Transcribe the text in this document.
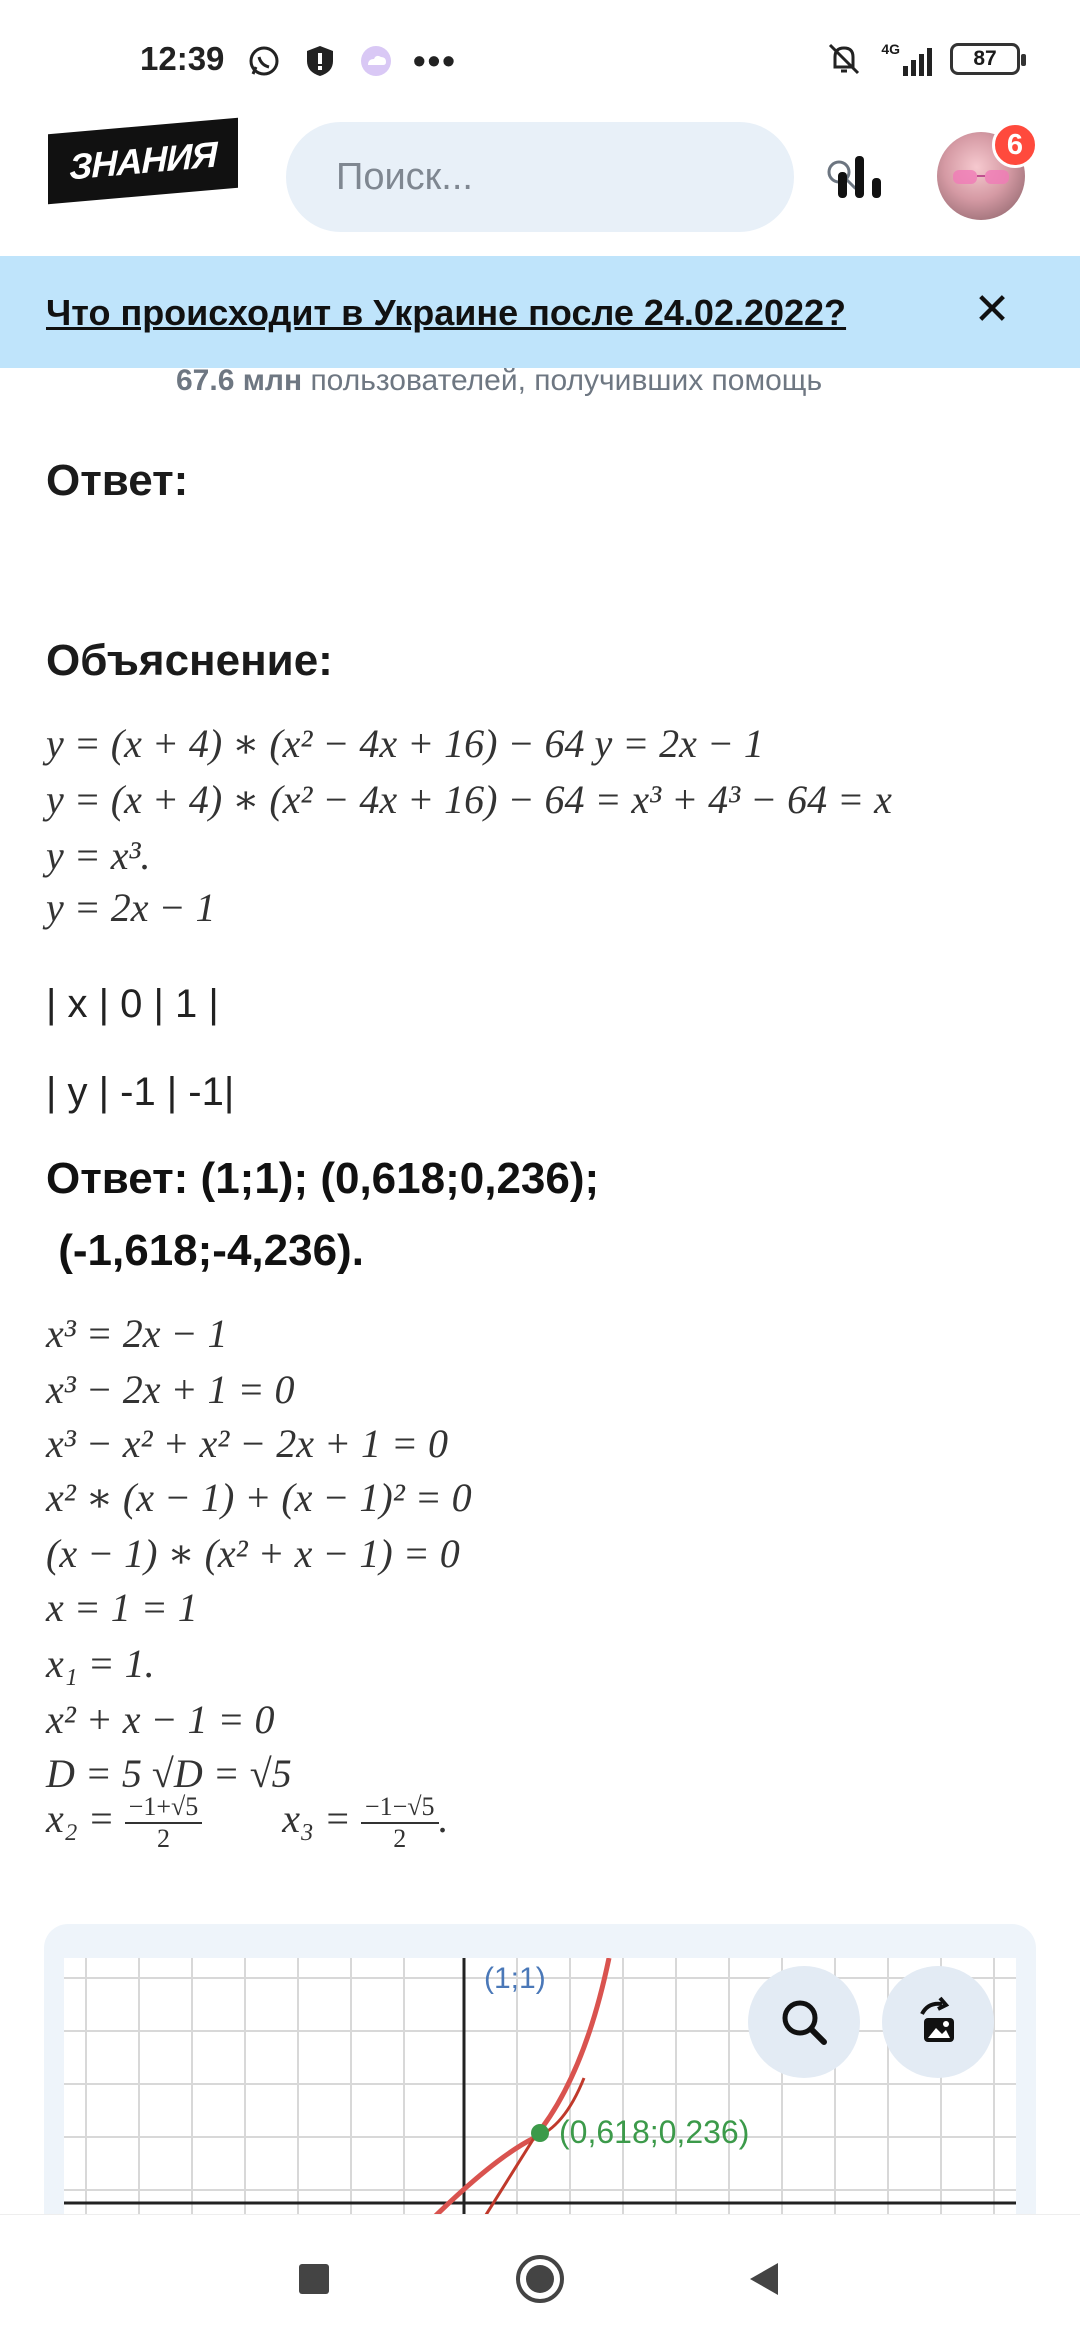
12:39	•••	4G	87
ЗНАНИЯ
Поиск...	6
Что происходит в Украине после 24.02.2022?	✕
67.6 млн пользователей, получивших помощь
Ответ:
Объяснение:
y = (x + 4) ∗ (x² − 4x + 16) − 64 y = 2x − 1
y = (x + 4) ∗ (x² − 4x + 16) − 64 = x³ + 4³ − 64 = x
y = x³.
y = 2x − 1
| x | 0 | 1 |
| y | -1 | -1|
Ответ: (1;1); (0,618;0,236);
(-1,618;-4,236).
x³ = 2x − 1
x³ − 2x + 1 = 0
x³ − x² + x² − 2x + 1 = 0
x² ∗ (x − 1) + (x − 1)² = 0
(x − 1) ∗ (x² + x − 1) = 0
x = 1 = 1
x₁ = 1.
x² + x − 1 = 0
D = 5 √D = √5
$x_2 = \frac{-1+√5}{2} x_3 = \frac{-1-√5}{2}$ .
(0,618;0,236)
(1;1)
